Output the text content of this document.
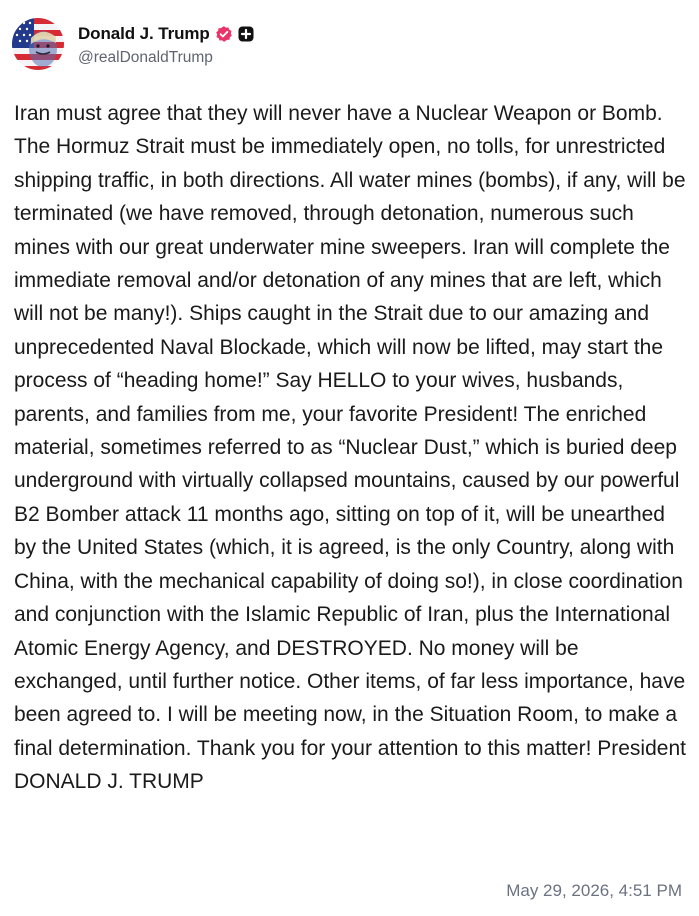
Donald J. Trump
@realDonaldTrump

Iran must agree that they will never have a Nuclear Weapon or Bomb. The Hormuz Strait must be immediately open, no tolls, for unrestricted shipping traffic, in both directions. All water mines (bombs), if any, will be terminated (we have removed, through detonation, numerous such mines with our great underwater mine sweepers. Iran will complete the immediate removal and/or detonation of any mines that are left, which will not be many!). Ships caught in the Strait due to our amazing and unprecedented Naval Blockade, which will now be lifted, may start the process of “heading home!” Say HELLO to your wives, husbands, parents, and families from me, your favorite President! The enriched material, sometimes referred to as “Nuclear Dust,” which is buried deep underground with virtually collapsed mountains, caused by our powerful B2 Bomber attack 11 months ago, sitting on top of it, will be unearthed by the United States (which, it is agreed, is the only Country, along with China, with the mechanical capability of doing so!), in close coordination and conjunction with the Islamic Republic of Iran, plus the International Atomic Energy Agency, and DESTROYED. No money will be exchanged, until further notice. Other items, of far less importance, have been agreed to. I will be meeting now, in the Situation Room, to make a final determination. Thank you for your attention to this matter! President DONALD J. TRUMP

May 29, 2026, 4:51 PM
